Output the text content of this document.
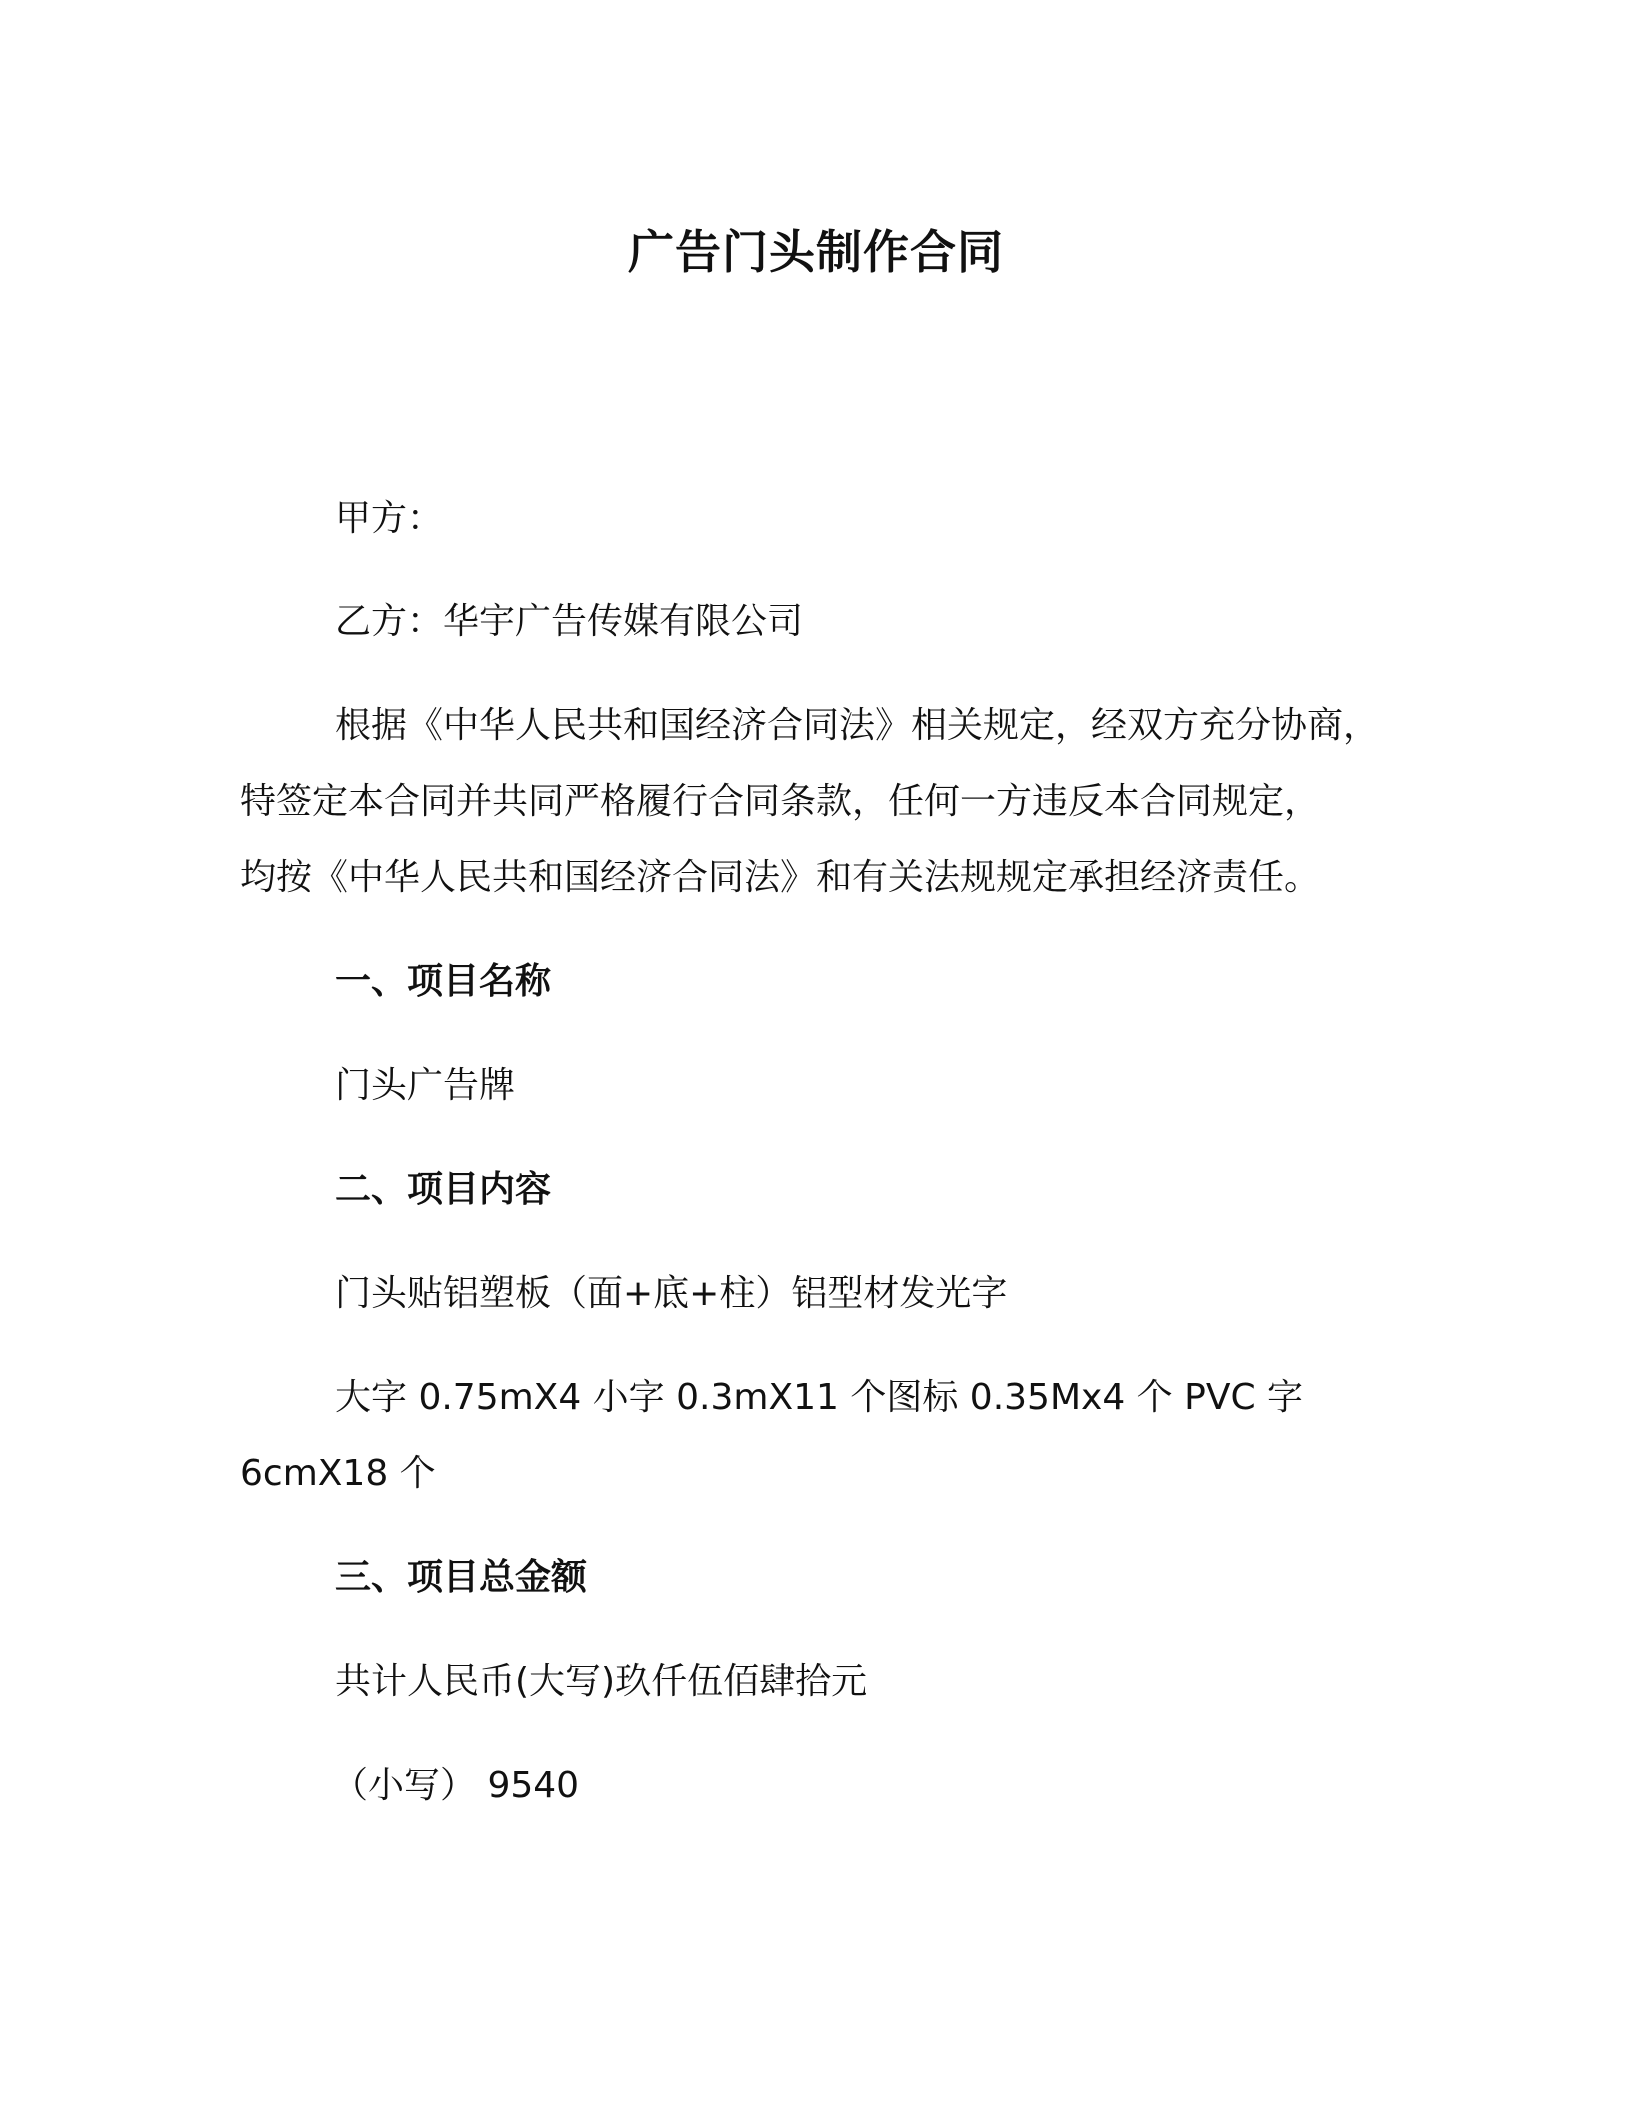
广告门头制作合同
甲方：
乙方：华宇广告传媒有限公司
根据《中华人民共和国经济合同法》相关规定，经双方充分协商，
特签定本合同并共同严格履行合同条款，任何一方违反本合同规定，
均按《中华人民共和国经济合同法》和有关法规规定承担经济责任。
一、项目名称
门头广告牌
二、项目内容
门头贴铝塑板（面+底+柱）铝型材发光字
大字 0.75mX4 小字 0.3mX11 个图标 0.35Mx4 个 PVC 字
6cmX18 个
三、项目总金额
共计人民币(大写)玖仟伍佰肆拾元
（小写） 9540
